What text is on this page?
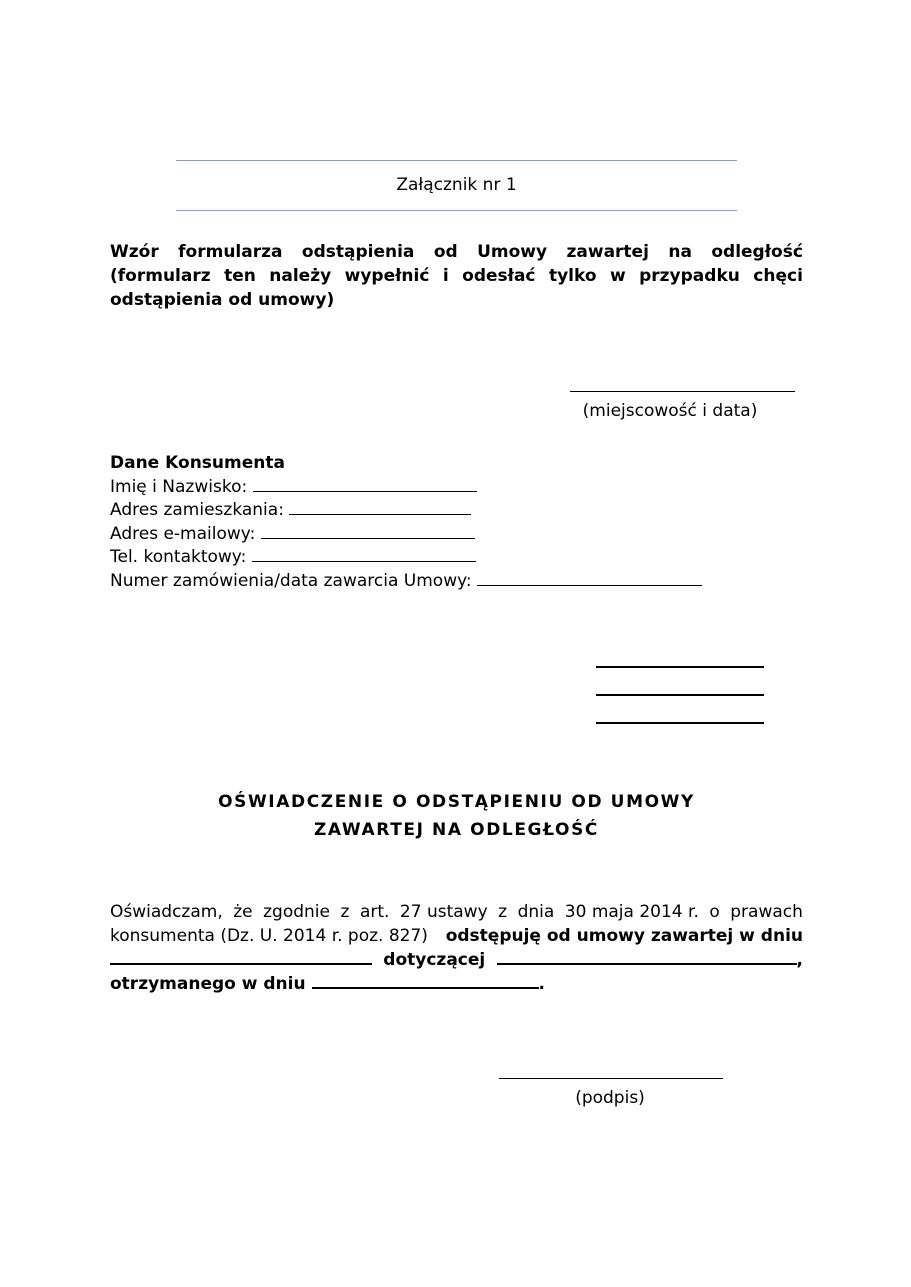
Załącznik nr 1
Wzór formularza odstąpienia od Umowy zawartej na odległość
(formularz ten należy wypełnić i odesłać tylko w przypadku chęci
odstąpienia od umowy)
(miejscowość i data)
Dane Konsumenta
Imię i Nazwisko:
Adres zamieszkania:
Adres e-mailowy:
Tel. kontaktowy:
Numer zamówienia/data zawarcia Umowy:
OŚWIADCZENIE O ODSTĄPIENIU OD UMOWY
ZAWARTEJ NA ODLEGŁOŚĆ
Oświadczam, że zgodnie z art. 27 ustawy z dnia 30 maja 2014 r. o prawach
konsumenta (Dz. U. 2014 r. poz. 827) odstępuję od umowy zawartej w dniu
dotyczącej	,
otrzymanego w dniu	.
(podpis)
